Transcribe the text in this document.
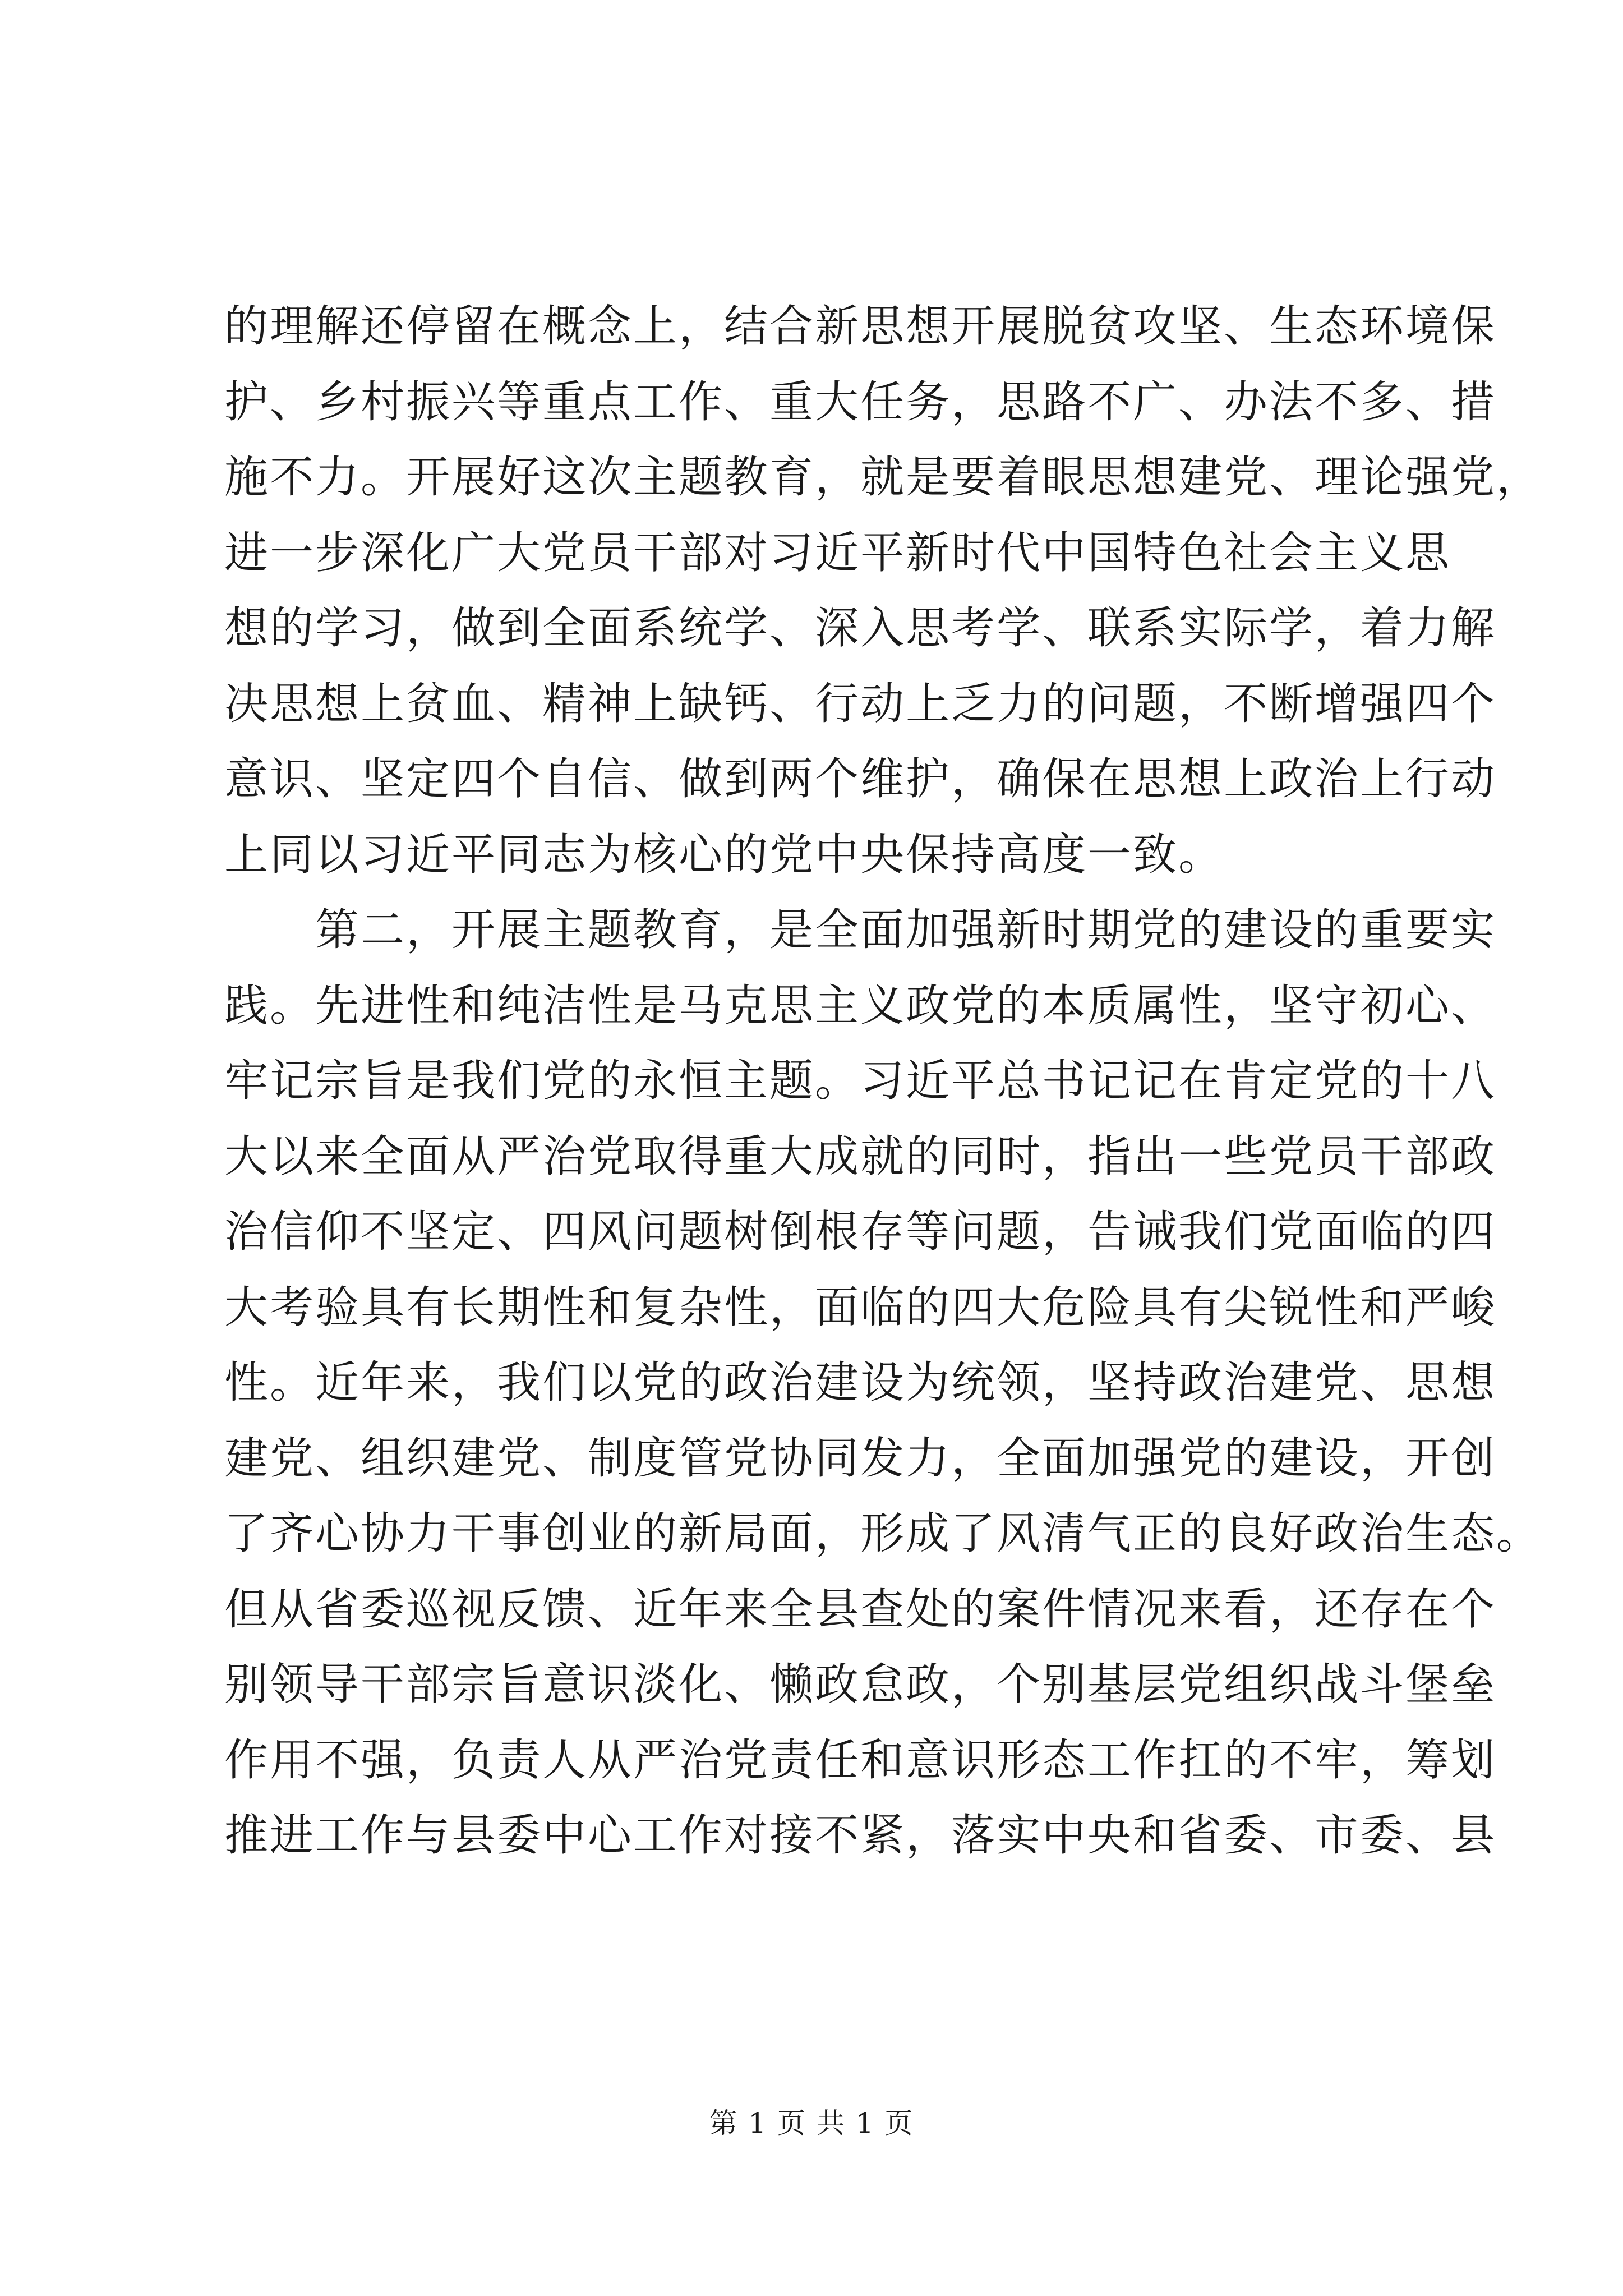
的理解还停留在概念上，结合新思想开展脱贫攻坚、生态环境保
护、乡村振兴等重点工作、重大任务，思路不广、办法不多、措
施不力。开展好这次主题教育，就是要着眼思想建党、理论强党，
进一步深化广大党员干部对习近平新时代中国特色社会主义思
想的学习，做到全面系统学、深入思考学、联系实际学，着力解
决思想上贫血、精神上缺钙、行动上乏力的问题，不断增强四个
意识、坚定四个自信、做到两个维护，确保在思想上政治上行动
上同以习近平同志为核心的党中央保持高度一致。
　　第二，开展主题教育，是全面加强新时期党的建设的重要实
践。先进性和纯洁性是马克思主义政党的本质属性，坚守初心、
牢记宗旨是我们党的永恒主题。习近平总书记记在肯定党的十八
大以来全面从严治党取得重大成就的同时，指出一些党员干部政
治信仰不坚定、四风问题树倒根存等问题，告诫我们党面临的四
大考验具有长期性和复杂性，面临的四大危险具有尖锐性和严峻
性。近年来，我们以党的政治建设为统领，坚持政治建党、思想
建党、组织建党、制度管党协同发力，全面加强党的建设，开创
了齐心协力干事创业的新局面，形成了风清气正的良好政治生态。
但从省委巡视反馈、近年来全县查处的案件情况来看，还存在个
别领导干部宗旨意识淡化、懒政怠政，个别基层党组织战斗堡垒
作用不强，负责人从严治党责任和意识形态工作扛的不牢，筹划
推进工作与县委中心工作对接不紧，落实中央和省委、市委、县
第 1 页 共 1 页
